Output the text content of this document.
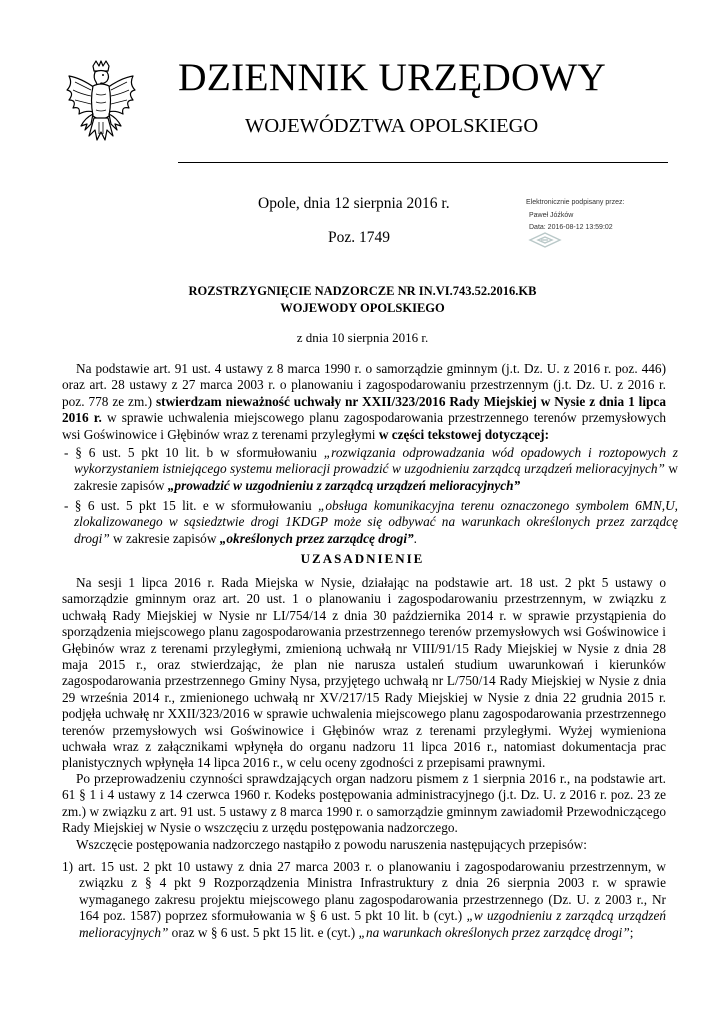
DZIENNIK URZĘDOWY
WOJEWÓDZTWA OPOLSKIEGO
Opole, dnia 12 sierpnia 2016 r.
Poz. 1749
Elektronicznie podpisany przez:
Paweł Jóźków
Data: 2016-08-12 13:59:02
ROZSTRZYGNIĘCIE NADZORCZE NR IN.VI.743.52.2016.KB
WOJEWODY OPOLSKIEGO
z dnia 10 sierpnia 2016 r.
Na podstawie art. 91 ust. 4 ustawy z 8 marca 1990 r. o samorządzie gminnym (j.t. Dz. U. z 2016 r. poz. 446) oraz art. 28 ustawy z 27 marca 2003 r. o planowaniu i zagospodarowaniu przestrzennym (j.t. Dz. U. z 2016 r. poz. 778 ze zm.) stwierdzam nieważność uchwały nr XXII/323/2016 Rady Miejskiej w Nysie z dnia 1 lipca 2016 r. w sprawie uchwalenia miejscowego planu zagospodarowania przestrzennego terenów przemysłowych wsi Goświnowice i Głębinów wraz z terenami przyległymi w części tekstowej dotyczącej:
- § 6 ust. 5 pkt 10 lit. b w sformułowaniu „rozwiązania odprowadzania wód opadowych i roztopowych z wykorzystaniem istniejącego systemu melioracji prowadzić w uzgodnieniu zarządcą urządzeń melioracyjnych” w zakresie zapisów „prowadzić w uzgodnieniu z zarządcą urządzeń melioracyjnych”
- § 6 ust. 5 pkt 15 lit. e w sformułowaniu „obsługa komunikacyjna terenu oznaczonego symbolem 6MN,U, zlokalizowanego w sąsiedztwie drogi 1KDGP może się odbywać na warunkach określonych przez zarządcę drogi” w zakresie zapisów „określonych przez zarządcę drogi”.
UZASADNIENIE
Na sesji 1 lipca 2016 r. Rada Miejska w Nysie, działając na podstawie art. 18 ust. 2 pkt 5 ustawy o samorządzie gminnym oraz art. 20 ust. 1 o planowaniu i zagospodarowaniu przestrzennym, w związku z uchwałą Rady Miejskiej w Nysie nr LI/754/14 z dnia 30 października 2014 r. w sprawie przystąpienia do sporządzenia miejscowego planu zagospodarowania przestrzennego terenów przemysłowych wsi Goświnowice i Głębinów wraz z terenami przyległymi, zmienioną uchwałą nr VIII/91/15 Rady Miejskiej w Nysie z dnia 28 maja 2015 r., oraz stwierdzając, że plan nie narusza ustaleń studium uwarunkowań i kierunków zagospodarowania przestrzennego Gminy Nysa, przyjętego uchwałą nr L/750/14 Rady Miejskiej w Nysie z dnia 29 września 2014 r., zmienionego uchwałą nr XV/217/15 Rady Miejskiej w Nysie z dnia 22 grudnia 2015 r. podjęła uchwałę nr XXII/323/2016 w sprawie uchwalenia miejscowego planu zagospodarowania przestrzennego terenów przemysłowych wsi Goświnowice i Głębinów wraz z terenami przyległymi. Wyżej wymieniona uchwała wraz z załącznikami wpłynęła do organu nadzoru 11 lipca 2016 r., natomiast dokumentacja prac planistycznych wpłynęła 14 lipca 2016 r., w celu oceny zgodności z przepisami prawnymi.
Po przeprowadzeniu czynności sprawdzających organ nadzoru pismem z 1 sierpnia 2016 r., na podstawie art. 61 § 1 i 4 ustawy z 14 czerwca 1960 r. Kodeks postępowania administracyjnego (j.t. Dz. U. z 2016 r. poz. 23 ze zm.) w związku z art. 91 ust. 5 ustawy z 8 marca 1990 r. o samorządzie gminnym zawiadomił Przewodniczącego Rady Miejskiej w Nysie o wszczęciu z urzędu postępowania nadzorczego.
Wszczęcie postępowania nadzorczego nastąpiło z powodu naruszenia następujących przepisów:
1) art. 15 ust. 2 pkt 10 ustawy z dnia 27 marca 2003 r. o planowaniu i zagospodarowaniu przestrzennym, w związku z § 4 pkt 9 Rozporządzenia Ministra Infrastruktury z dnia 26 sierpnia 2003 r. w sprawie wymaganego zakresu projektu miejscowego planu zagospodarowania przestrzennego (Dz. U. z 2003 r., Nr 164 poz. 1587) poprzez sformułowania w § 6 ust. 5 pkt 10 lit. b (cyt.) „w uzgodnieniu z zarządcą urządzeń melioracyjnych” oraz w § 6 ust. 5 pkt 15 lit. e (cyt.) „na warunkach określonych przez zarządcę drogi”;
